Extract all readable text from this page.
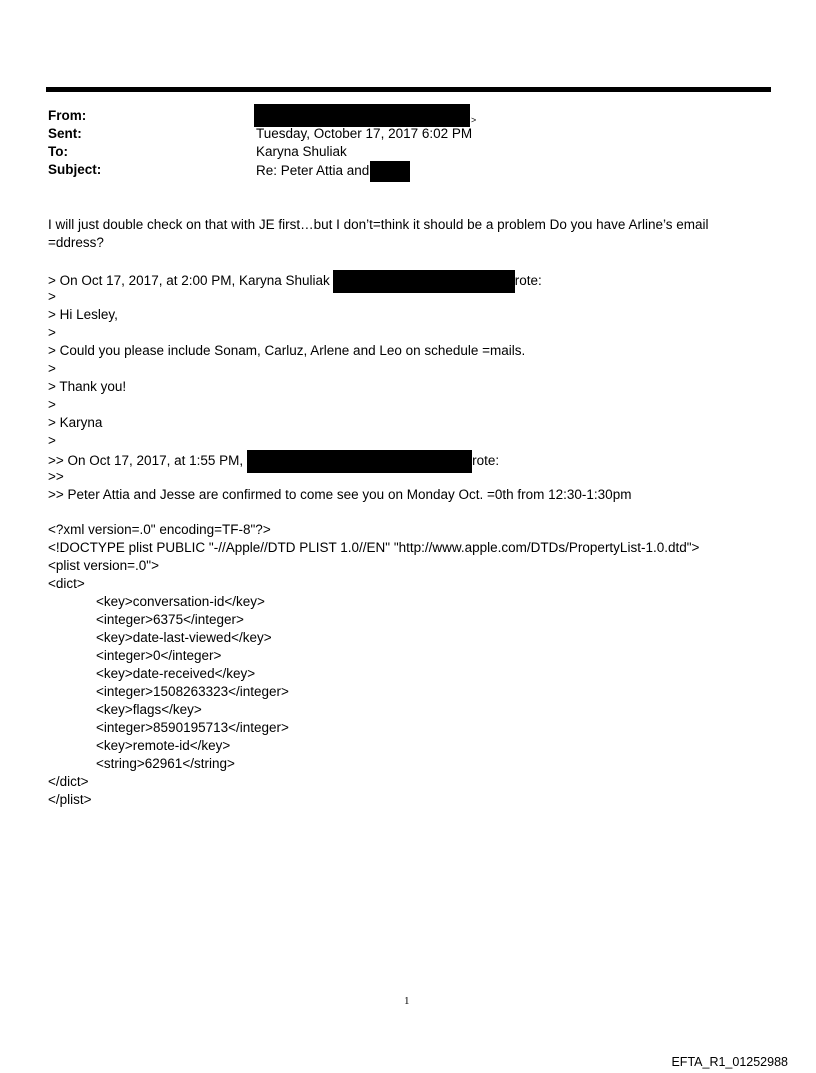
From:	>
Sent:	Tuesday, October 17, 2017 6:02 PM
To:	Karyna Shuliak
Subject:	Re: Peter Attia and
I will just double check on that with JE first…but I don’t=think it should be a problem Do you have Arline’s email =ddress?
> On Oct 17, 2017, at 2:00 PM, Karyna Shuliak	rote:
>
> Hi Lesley,
>
> Could you please include Sonam, Carluz, Arlene and Leo on schedule =mails.
>
> Thank you!
>
> Karyna
>
>> On Oct 17, 2017, at 1:55 PM,	rote:
>>
>> Peter Attia and Jesse are confirmed to come see you on Monday Oct. =0th from 12:30-1:30pm
<?xml version=.0" encoding=TF-8"?>
<!DOCTYPE plist PUBLIC "-//Apple//DTD PLIST 1.0//EN" "http://www.apple.com/DTDs/PropertyList-1.0.dtd">
<plist version=.0">
<dict>
<key>conversation-id</key>
<integer>6375</integer>
<key>date-last-viewed</key>
<integer>0</integer>
<key>date-received</key>
<integer>1508263323</integer>
<key>flags</key>
<integer>8590195713</integer>
<key>remote-id</key>
<string>62961</string>
</dict>
</plist>
1
EFTA_R1_01252988
